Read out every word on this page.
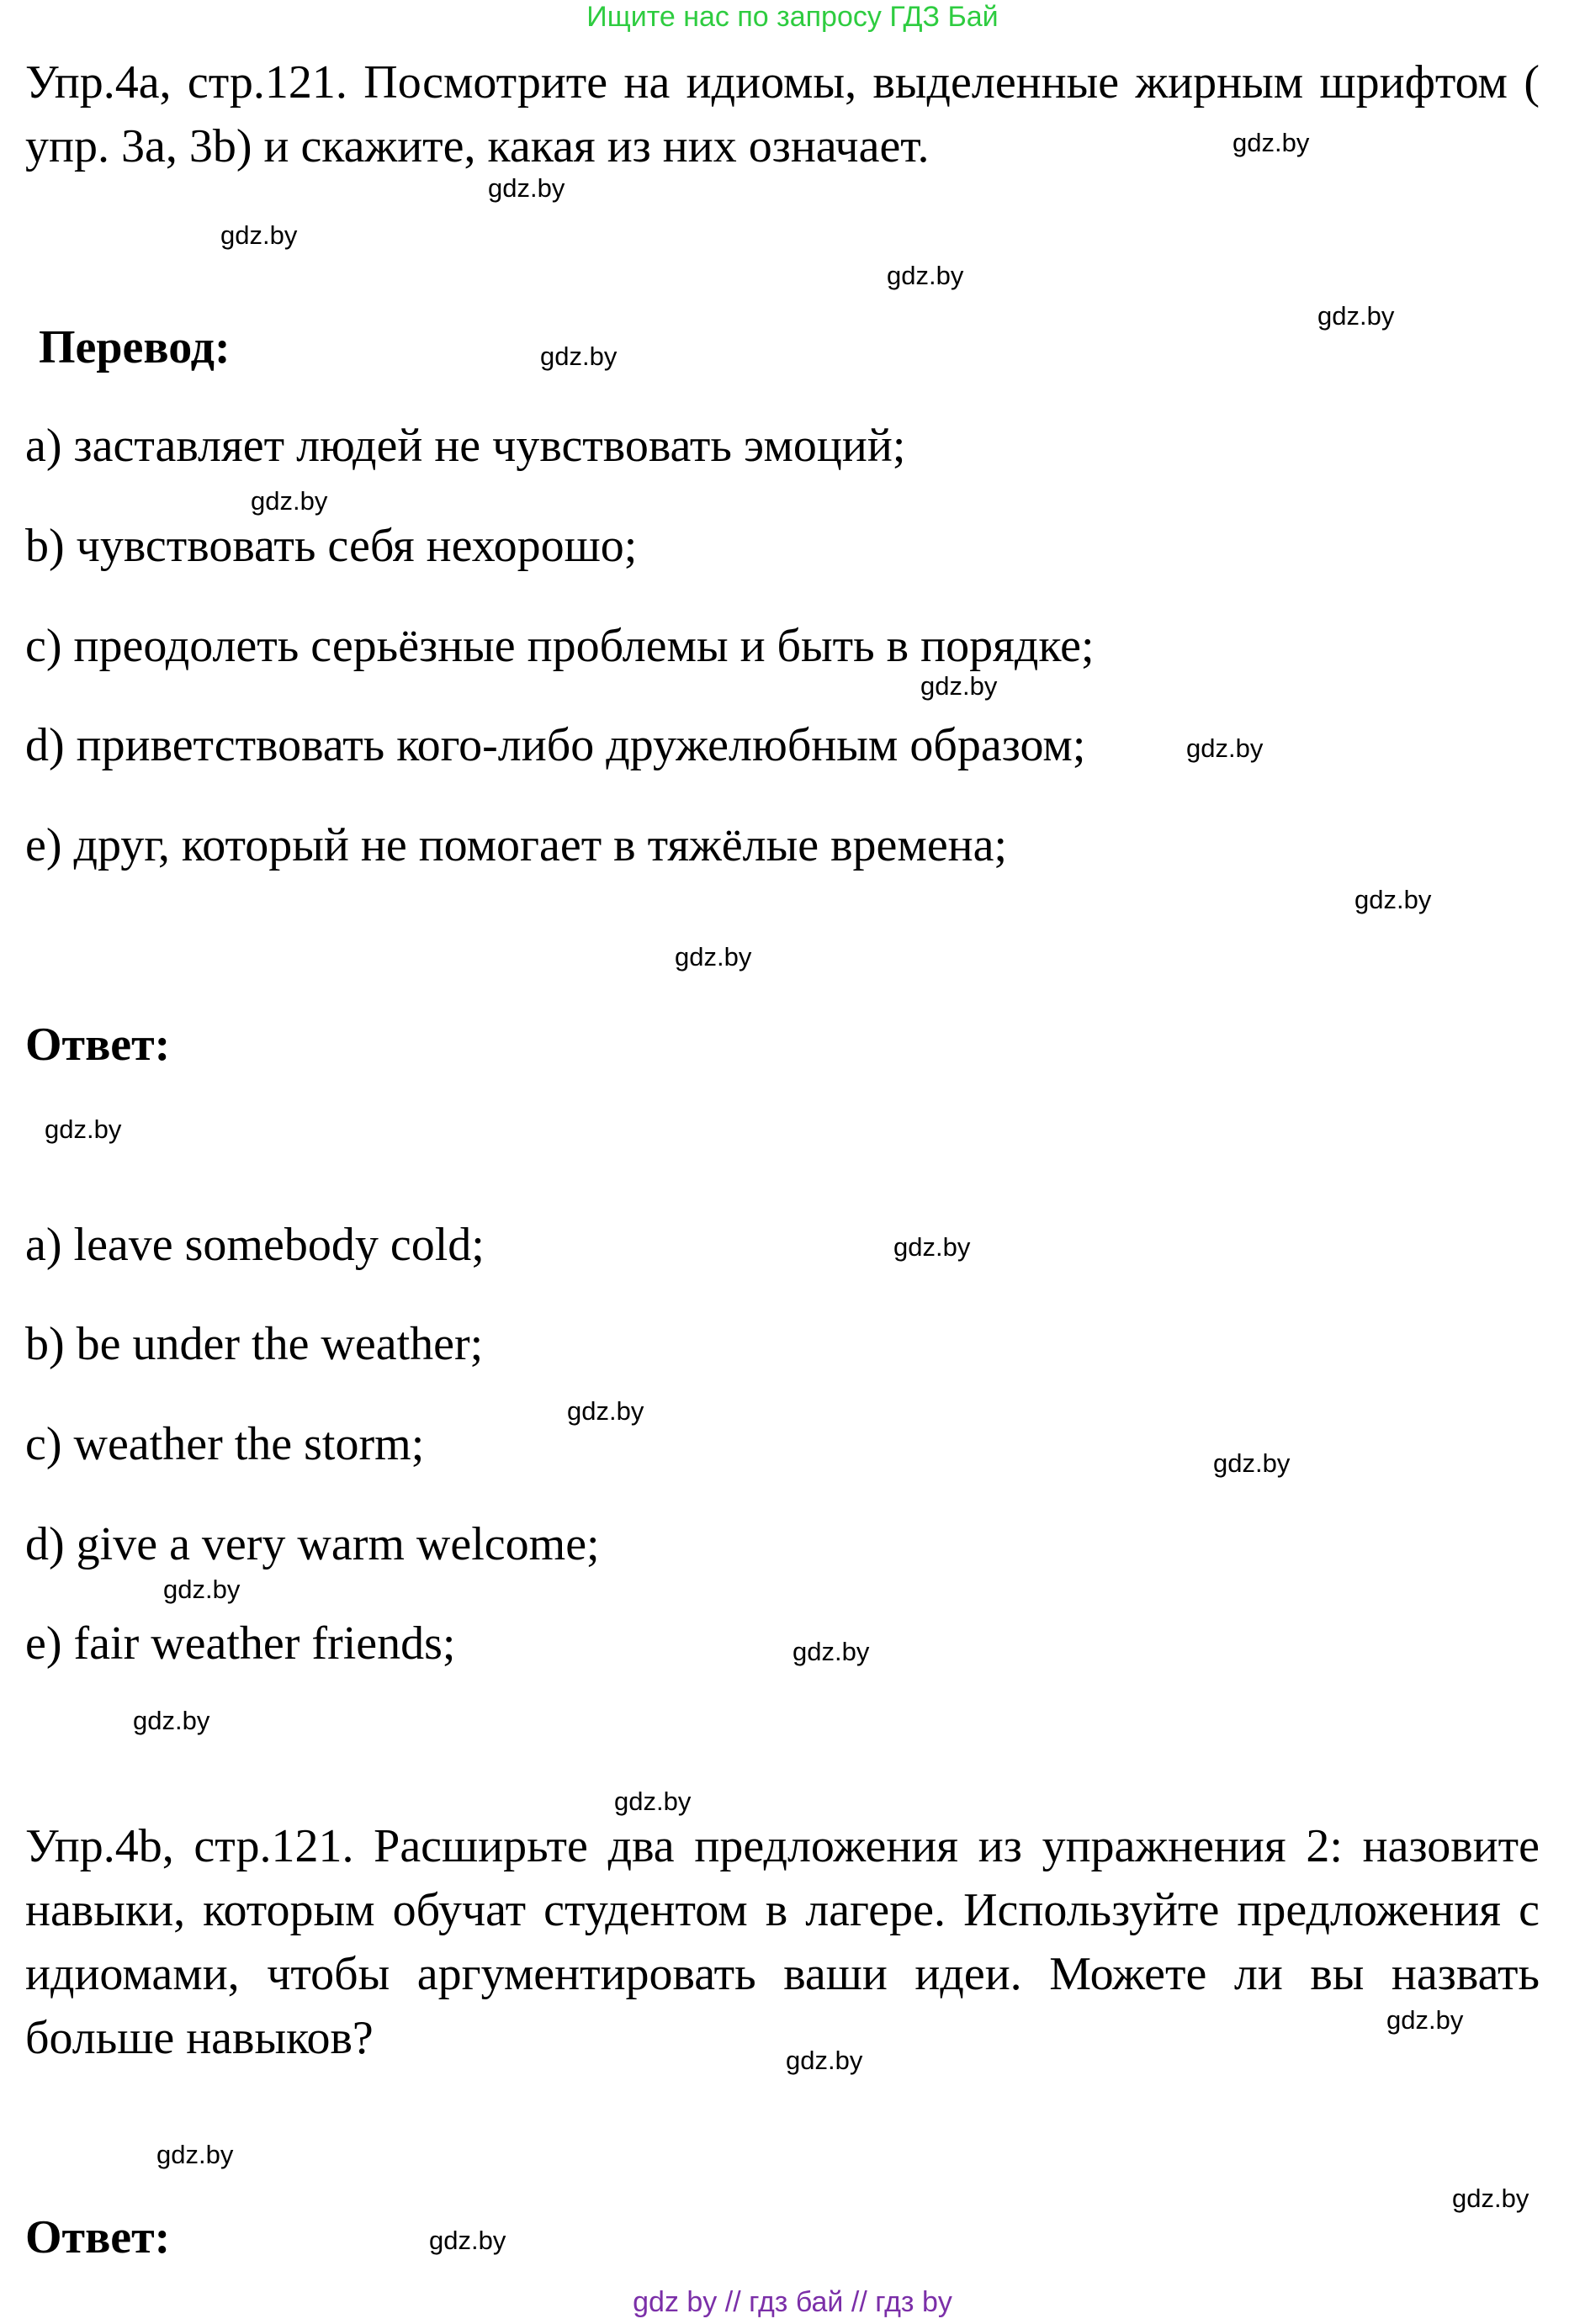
Ищите нас по запросу ГДЗ Бай

Упр.4a, стр.121. Посмотрите на идиомы, выделенные жирным шрифтом ( упр. 3а, 3b) и скажите, какая из них означает.

Перевод:
a) заставляет людей не чувствовать эмоций;
b) чувствовать себя нехорошо;
c) преодолеть серьёзные проблемы и быть в порядке;
d) приветствовать кого-либо дружелюбным образом;
e) друг, который не помогает в тяжёлые времена;
Ответ:
a) leave somebody cold;
b) be under the weather;
c) weather the storm;
d) give a very warm welcome;
e) fair weather friends;

Упр.4b, стр.121. Расширьте два предложения из упражнения 2: назовите навыки, которым обучат студентом в лагере. Используйте предложения с идиомами, чтобы аргументировать ваши идеи. Можете ли вы назвать больше навыков?

Ответ:
gdz.by
gdz.by
gdz.by
gdz.by
gdz.by
gdz.by
gdz.by
gdz.by
gdz.by
gdz.by
gdz.by
gdz.by
gdz.by
gdz.by
gdz.by
gdz.by
gdz.by
gdz.by
gdz.by
gdz.by
gdz.by
gdz.by
gdz.by
gdz.by
gdz by // гдз бай // гдз by
